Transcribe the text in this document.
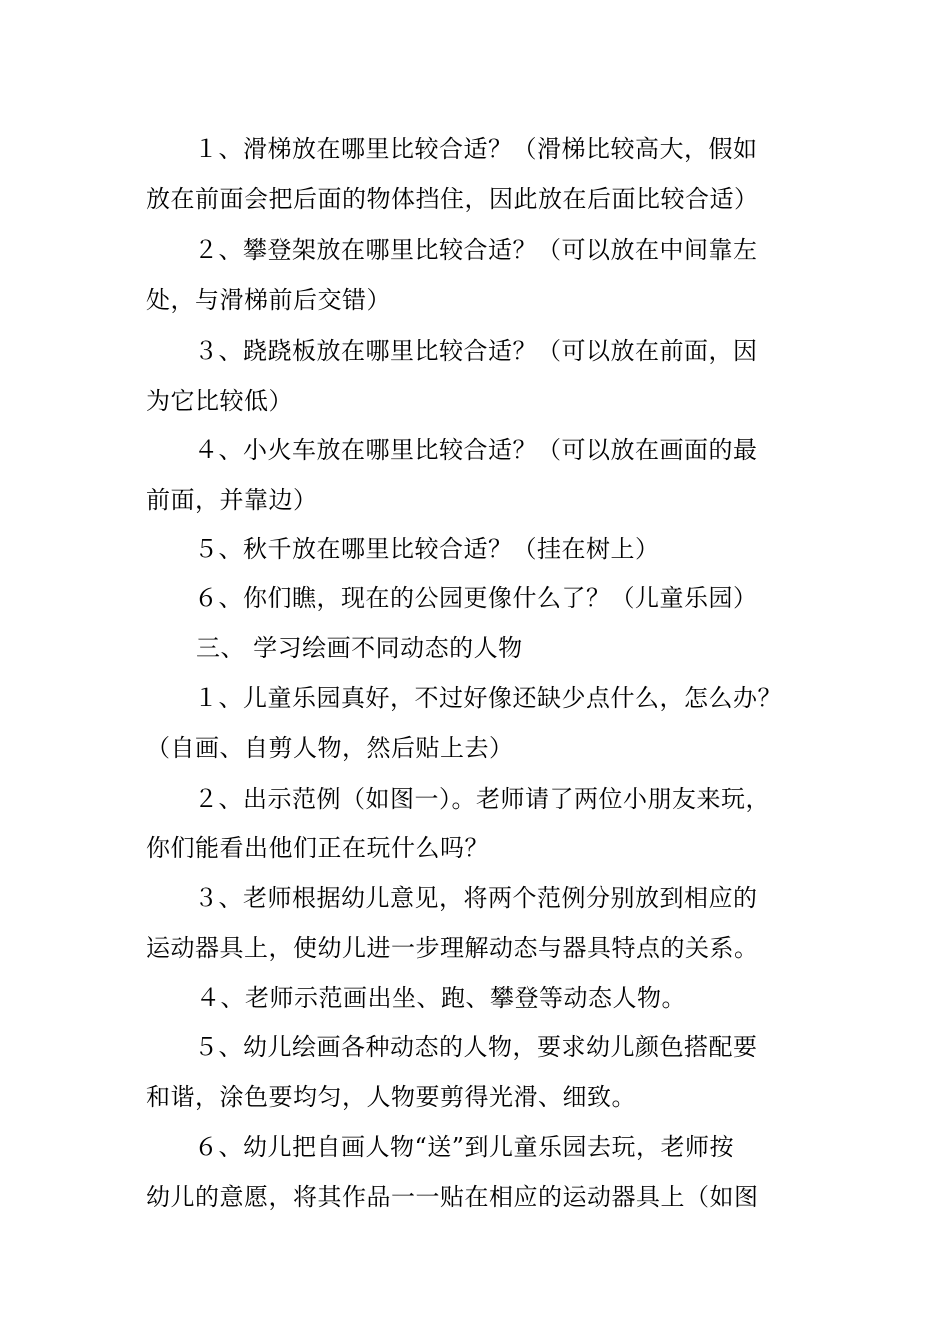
１、滑梯放在哪里比较合适？（滑梯比较高大，假如
放在前面会把后面的物体挡住，因此放在后面比较合适）
２、攀登架放在哪里比较合适？（可以放在中间靠左
处，与滑梯前后交错）
３、跷跷板放在哪里比较合适？（可以放在前面，因
为它比较低）
４、小火车放在哪里比较合适？（可以放在画面的最
前面，并靠边）
５、秋千放在哪里比较合适？（挂在树上）
６、你们瞧，现在的公园更像什么了？（儿童乐园）
三、 学习绘画不同动态的人物
１、儿童乐园真好，不过好像还缺少点什么，怎么办？
（自画、自剪人物，然后贴上去）
２、出示范例（如图一）。老师请了两位小朋友来玩，
你们能看出他们正在玩什么吗？
３、老师根据幼儿意见，将两个范例分别放到相应的
运动器具上，使幼儿进一步理解动态与器具特点的关系。
４、老师示范画出坐、跑、攀登等动态人物。
５、幼儿绘画各种动态的人物，要求幼儿颜色搭配要
和谐，涂色要均匀，人物要剪得光滑、细致。
６、幼儿把自画人物“送”到儿童乐园去玩，老师按
幼儿的意愿，将其作品一一贴在相应的运动器具上（如图
